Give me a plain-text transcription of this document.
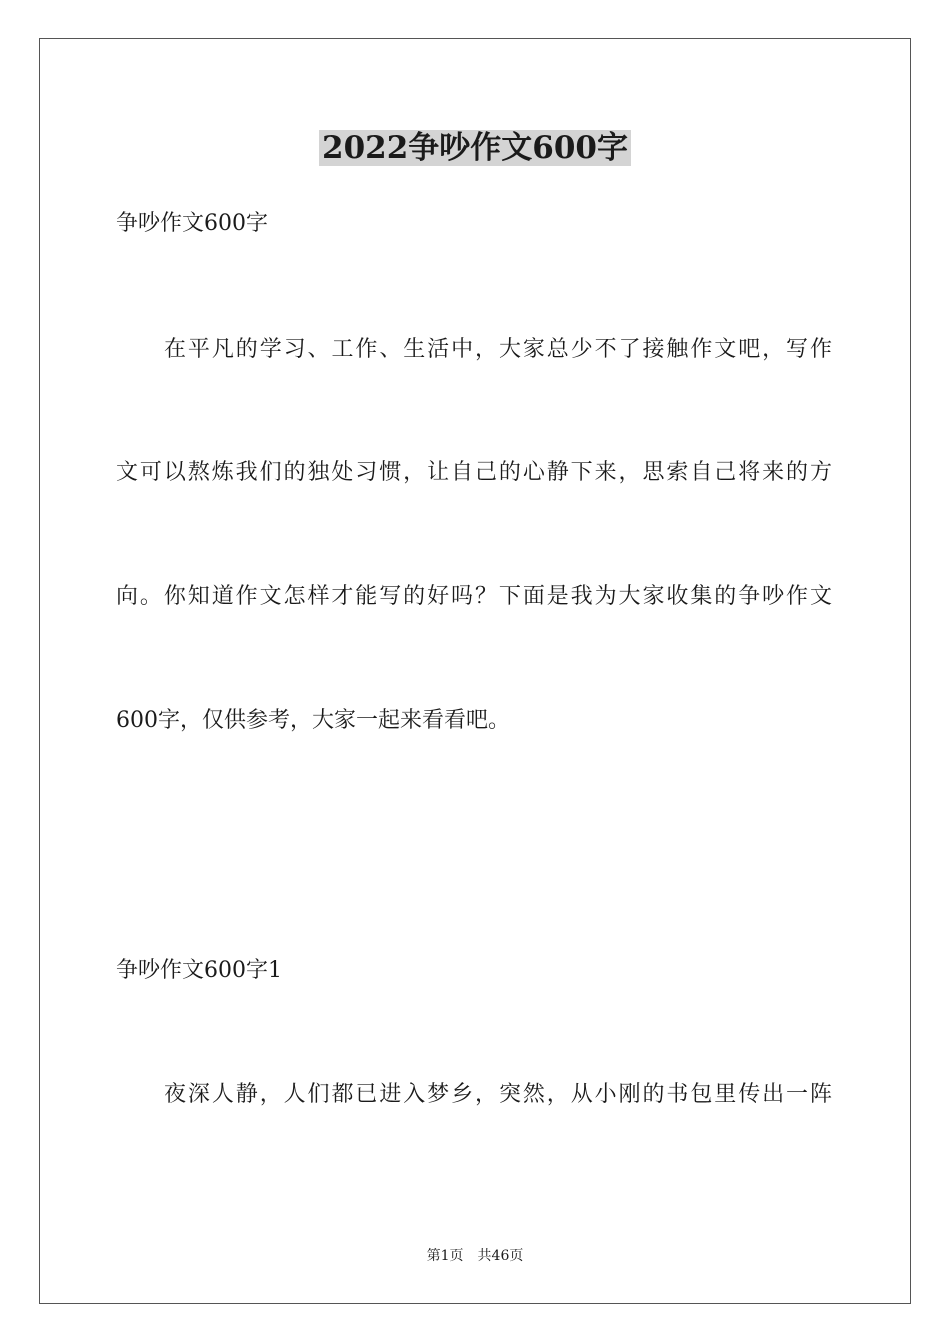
2022争吵作文600字
争吵作文600字
在平凡的学习、工作、生活中，大家总少不了接触作文吧，写作
文可以熬炼我们的独处习惯，让自己的心静下来，思索自己将来的方
向。你知道作文怎样才能写的好吗？下面是我为大家收集的争吵作文
600字，仅供参考，大家一起来看看吧。
争吵作文600字1
夜深人静，人们都已进入梦乡，突然，从小刚的书包里传出一阵
第1页 共46页
